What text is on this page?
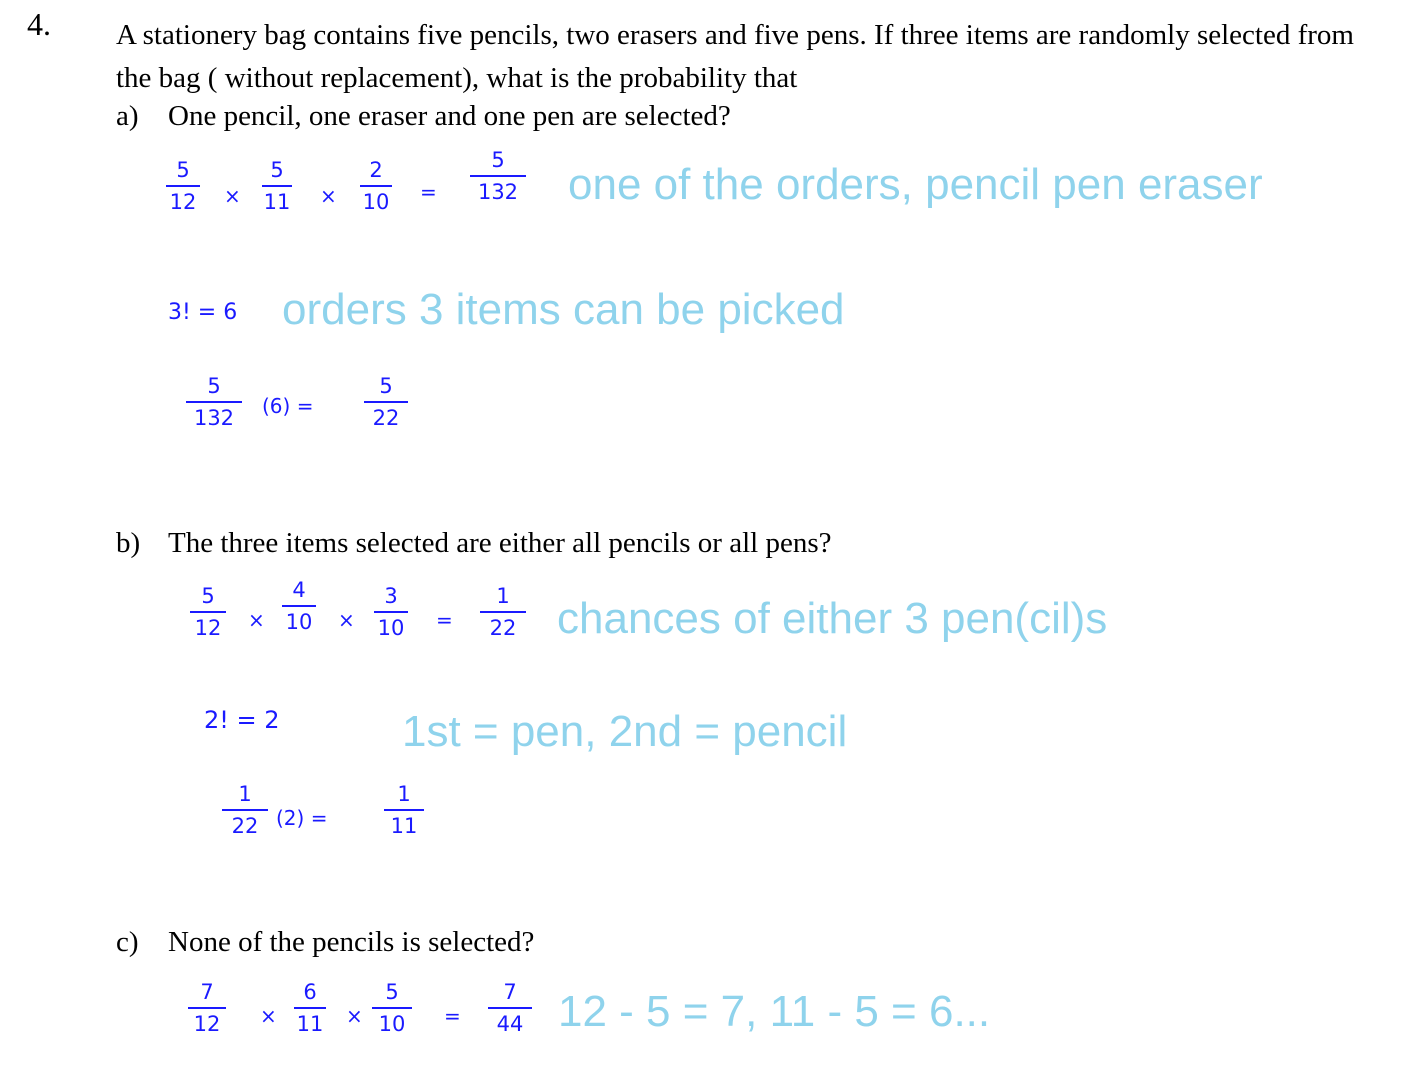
4. A stationery bag contains five pencils, two erasers and five pens. If three items are randomly selected from the bag ( without replacement), what is the probability that
a) One pencil, one eraser and one pen are selected?
5
12 ×
5
11 ×
2
10 =
5
132 one of the orders, pencil pen eraser
3! = 6 orders 3 items can be picked
5
132	(6) =
5
22
b) The three items selected are either all pencils or all pens?
5
12 ×
4
10 ×
3
10 =
1
22 chances of either 3 pen(cil)s
2! = 2	1st = pen, 2nd = pencil
1
22 (2) =
1
11
c) None of the pencils is selected?
7
12 ×
6
11 ×
5
10	=
7
44 12 - 5 = 7, 11 - 5 = 6...
